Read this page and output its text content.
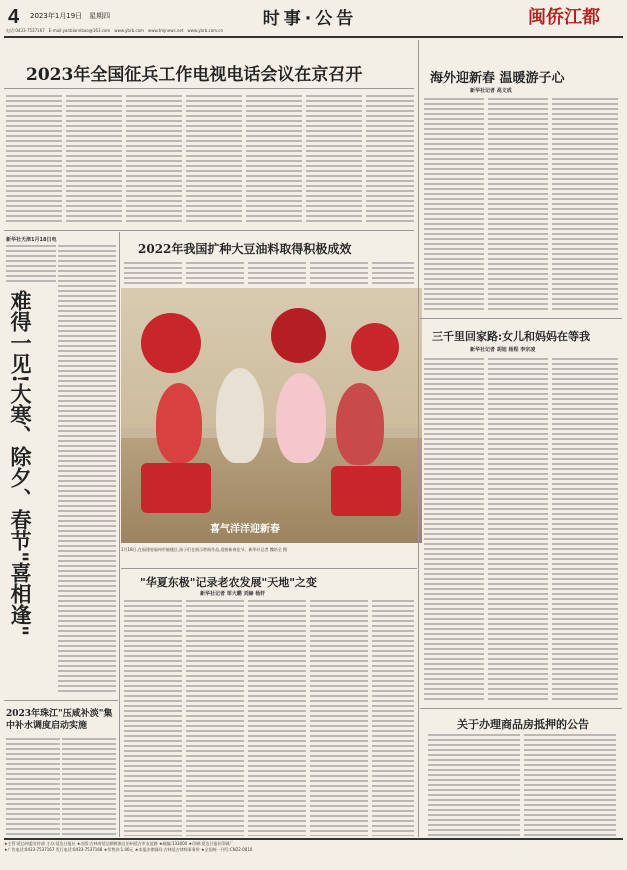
4 2023年1月19日　星期四	时事·公告	闽侨江都
电话:0433-7537167　E-mail:yanbianribao@163.com　www.ybrb.com　www.tmjnews.net　www.ybrb.com.cn
2023年全国征兵工作电视电话会议在京召开
新华社天津1月18日电
难得一见!大寒、除夕、春节"喜相逢"
2023年珠江"压咸补淡"集中补水调度启动实施
2022年我国扩种大豆油料取得积极成效
喜气洋洋迎新春
1月18日,在福建省福州市鼓楼区,孩子们在展示剪纸作品,迎接新春佳节。新华社记者 魏培全 摄
"华夏东极"记录老农发展"天地"之变
新华社记者 邹大鹏 刘赫 杨轩
海外迎新春 温暖游子心
新华社记者 高文成
三千里回家路:女儿和妈妈在等我
新华社记者 胡旭 杨程 李宗凌
关于办理商品房抵押的公告
★主管:延边州委宣传部 主办:延边日报社 ★出版:吉林省延边朝鲜族自治州延吉市友谊路 ★邮编:133000 ★印刷:延边日报社印刷厂
★广告电话:0433-7537167 发行电话:0433-7537168 ★零售价:1.00元 ★本报法律顾问:吉林延吉律师事务所 ★全国统一刊号:CN22-0010
